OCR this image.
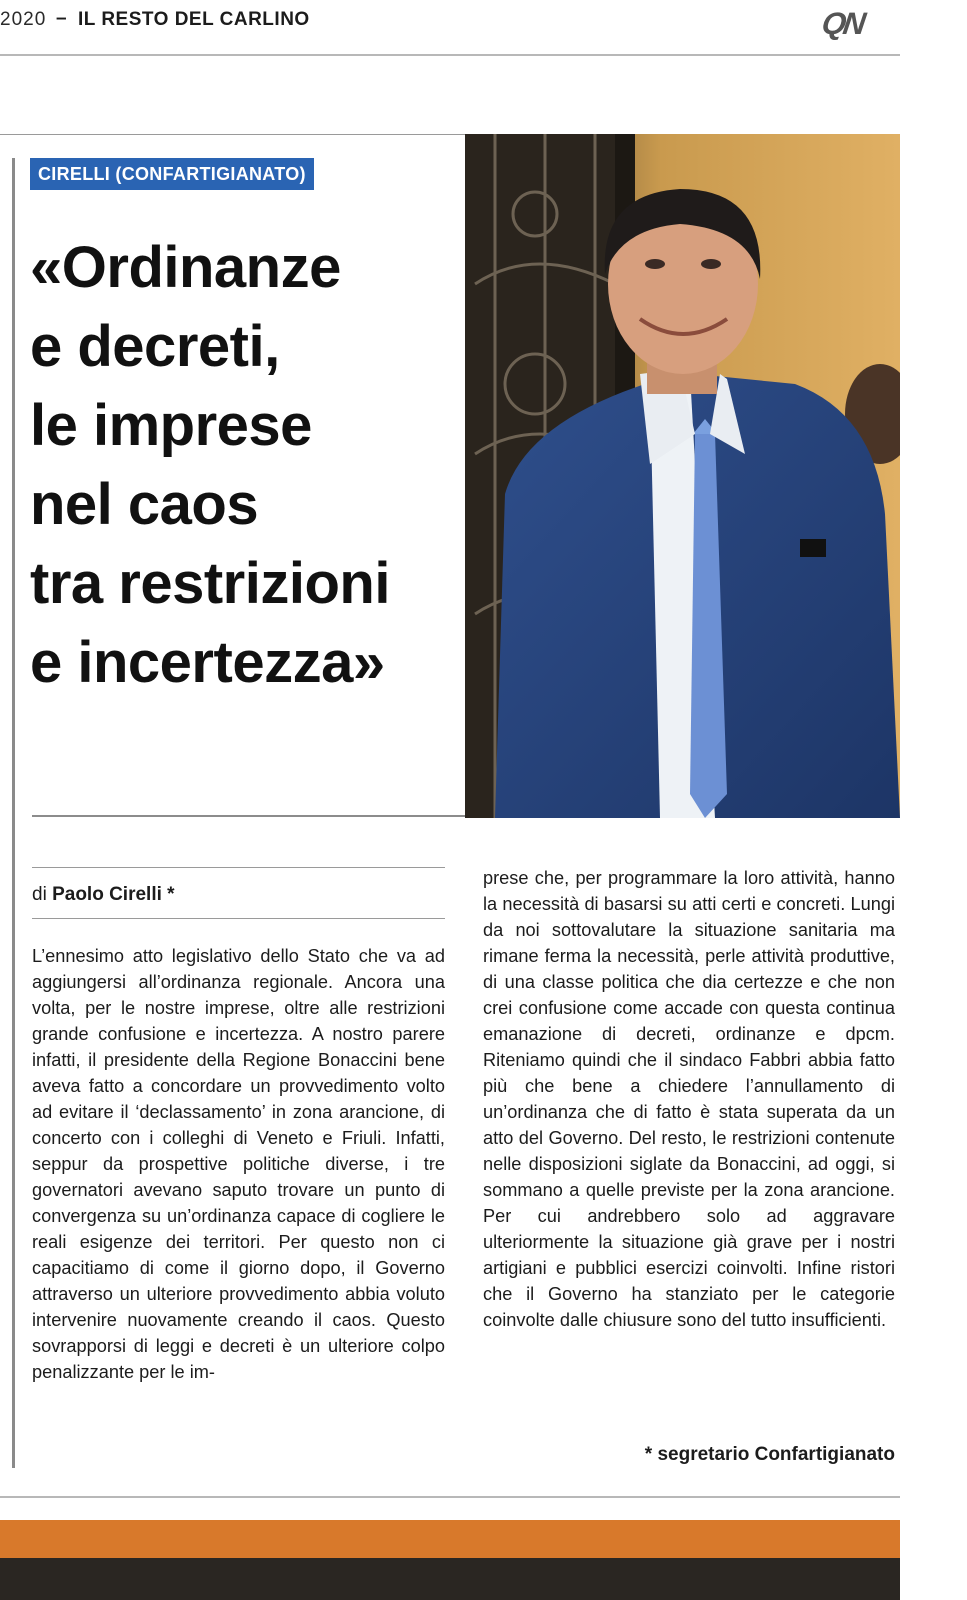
2020 – IL RESTO DEL CARLINO	QN
CIRELLI (CONFARTIGIANATO)
«Ordinanze
e decreti,
le imprese
nel caos
tra restrizioni
e incertezza»
di Paolo Cirelli *

L’ennesimo atto legislativo dello Stato che va ad aggiungersi all’ordinanza regionale. Ancora una volta, per le nostre imprese, oltre alle restrizioni grande confusione e incertezza. A nostro parere infatti, il presidente della Regione Bonaccini bene aveva fatto a concordare un provvedimento volto ad evitare il ‘declassamento’ in zona arancione, di concerto con i colleghi di Veneto e Friuli. Infatti, seppur da prospettive politiche diverse, i tre governatori avevano saputo trovare un punto di convergenza su un’ordinanza capace di cogliere le reali esigenze dei territori. Per questo non ci capacitiamo di come il giorno dopo, il Governo attraverso un ulteriore provvedimento abbia voluto intervenire nuovamente creando il caos. Questo sovrapporsi di leggi e decreti è un ulteriore colpo penalizzante per le im-

prese che, per programmare la loro attività, hanno la necessità di basarsi su atti certi e concreti. Lungi da noi sottovalutare la situazione sanitaria ma rimane ferma la necessità, perle attività produttive, di una classe politica che dia certezze e che non crei confusione come accade con questa continua emanazione di decreti, ordinanze e dpcm. Riteniamo quindi che il sindaco Fabbri abbia fatto più che bene a chiedere l’annullamento di un’ordinanza che di fatto è stata superata da un atto del Governo. Del resto, le restrizioni contenute nelle disposizioni siglate da Bonaccini, ad oggi, si sommano a quelle previste per la zona arancione. Per cui andrebbero solo ad aggravare ulteriormente la situazione già grave per i nostri artigiani e pubblici esercizi coinvolti. Infine ristori che il Governo ha stanziato per le categorie coinvolte dalle chiusure sono del tutto insufficienti.

* segretario Confartigianato
